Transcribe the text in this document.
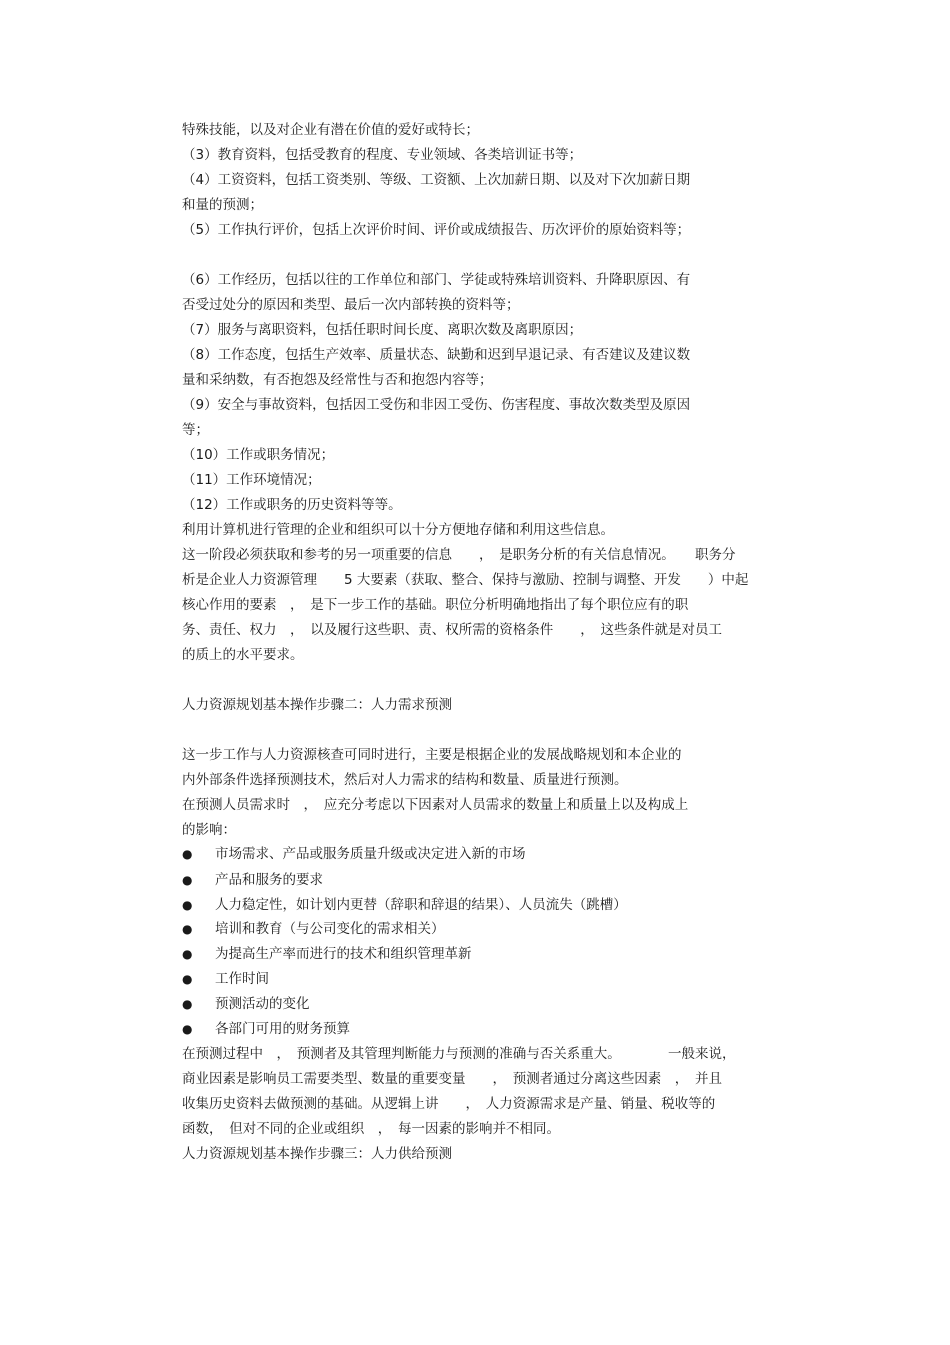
特殊技能，以及对企业有潜在价值的爱好或特长；
（3）教育资料，包括受教育的程度、专业领域、各类培训证书等；
（4）工资资料，包括工资类别、等级、工资额、上次加薪日期、以及对下次加薪日期
和量的预测；
（5）工作执行评价，包括上次评价时间、评价或成绩报告、历次评价的原始资料等；
（6）工作经历，包括以往的工作单位和部门、学徒或特殊培训资料、升降职原因、有
否受过处分的原因和类型、最后一次内部转换的资料等；
（7）服务与离职资料，包括任职时间长度、离职次数及离职原因；
（8）工作态度，包括生产效率、质量状态、缺勤和迟到早退记录、有否建议及建议数
量和采纳数，有否抱怨及经常性与否和抱怨内容等；
（9）安全与事故资料，包括因工受伤和非因工受伤、伤害程度、事故次数类型及原因
等；
（10）工作或职务情况；
（11）工作环境情况；
（12）工作或职务的历史资料等等。
利用计算机进行管理的企业和组织可以十分方便地存储和利用这些信息。
这一阶段必须获取和参考的另一项重要的信息　　，　是职务分析的有关信息情况。　　职务分
析是企业人力资源管理　　5 大要素（获取、整合、保持与激励、控制与调整、开发　　）中起
核心作用的要素　，　是下一步工作的基础。职位分析明确地指出了每个职位应有的职
务、责任、权力　，　以及履行这些职、责、权所需的资格条件　　，　这些条件就是对员工
的质上的水平要求。
人力资源规划基本操作步骤二：人力需求预测
这一步工作与人力资源核查可同时进行，主要是根据企业的发展战略规划和本企业的
内外部条件选择预测技术，然后对人力需求的结构和数量、质量进行预测。
在预测人员需求时　，　应充分考虑以下因素对人员需求的数量上和质量上以及构成上
的影响：
● 市场需求、产品或服务质量升级或决定进入新的市场
● 产品和服务的要求
● 人力稳定性，如计划内更替（辞职和辞退的结果）、人员流失（跳槽）
● 培训和教育（与公司变化的需求相关）
● 为提高生产率而进行的技术和组织管理革新
● 工作时间
● 预测活动的变化
● 各部门可用的财务预算
在预测过程中　，　预测者及其管理判断能力与预测的准确与否关系重大。　　　　一般来说，
商业因素是影响员工需要类型、数量的重要变量　　，　预测者通过分离这些因素　，　并且
收集历史资料去做预测的基础。从逻辑上讲　　，　人力资源需求是产量、销量、税收等的
函数，　但对不同的企业或组织　，　每一因素的影响并不相同。
人力资源规划基本操作步骤三：人力供给预测
